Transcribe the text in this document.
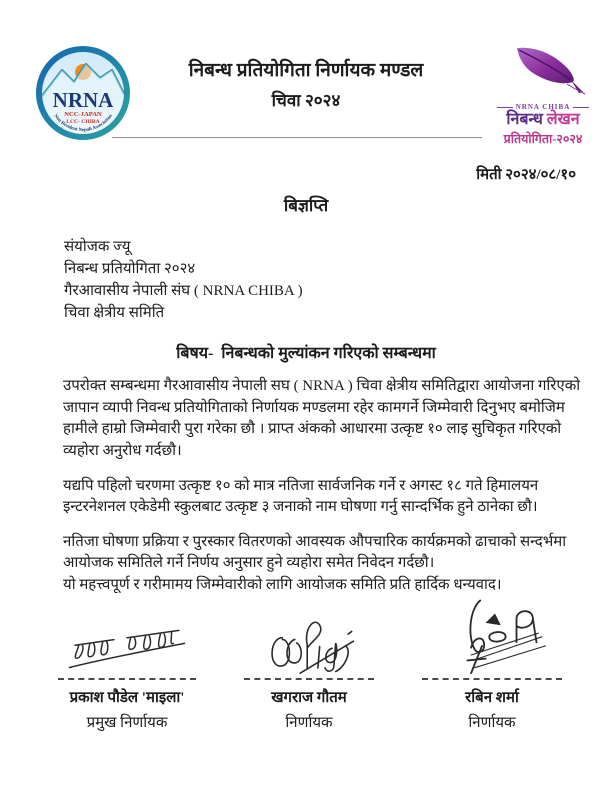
NRNA
NCC-JAPAN
LCC- CHIBA
Non Resident Nepali Association
निबन्ध प्रतियोगिता निर्णायक मण्डल
चिवा २०२४	NRNA CHIBA
निबन्ध लेखन
प्रतियोगिता-२०२४
मिती २०२४/०८/१०
बिज्ञप्ति
संयोजक ज्यू
निबन्ध प्रतियोगिता २०२४
गैरआवासीय नेपाली संघ ( NRNA CHIBA )
चिवा क्षेत्रीय समिति
बिषय-  निबन्धको मुल्यांकन गरिएको सम्बन्धमा

उपरोक्त सम्बन्धमा गैरआवासीय नेपाली सघ ( NRNA ) चिवा क्षेत्रीय समितिद्वारा आयोजना गरिएको जापान व्यापी निवन्ध प्रतियोगिताको निर्णायक मण्डलमा रहेर कामगर्ने जिम्मेवारी दिनुभए बमोजिम हामीले हाम्रो जिम्मेवारी पुरा गरेका छौ । प्राप्त अंकको आधारमा उत्कृष्ट १० लाइ सुचिकृत गरिएको व्यहोरा अनुरोध गर्दछौ।

यद्यपि पहिलो चरणमा उत्कृष्ट १० को मात्र नतिजा सार्वजनिक गर्ने र अगस्ट १८ गते हिमालयन इन्टरनेशनल एकेडेमी स्कुलबाट उत्कृष्ट ३ जनाको नाम घोषणा गर्नु सान्दर्भिक हुने ठानेका छौ।

नतिजा घोषणा प्रक्रिया र पुरस्कार वितरणको आवस्यक औपचारिक कार्यक्रमको ढाचाको सन्दर्भमा आयोजक समितिले गर्ने निर्णय अनुसार हुने व्यहोरा समेत निवेदन गर्दछौ।

यो महत्त्वपूर्ण र गरीमामय जिम्मेवारीको लागि आयोजक समिति प्रति हार्दिक धन्यवाद।

प्रकाश पौडेल 'माइला'
प्रमुख निर्णायक
खगराज गौतम
निर्णायक
रबिन शर्मा
निर्णायक
